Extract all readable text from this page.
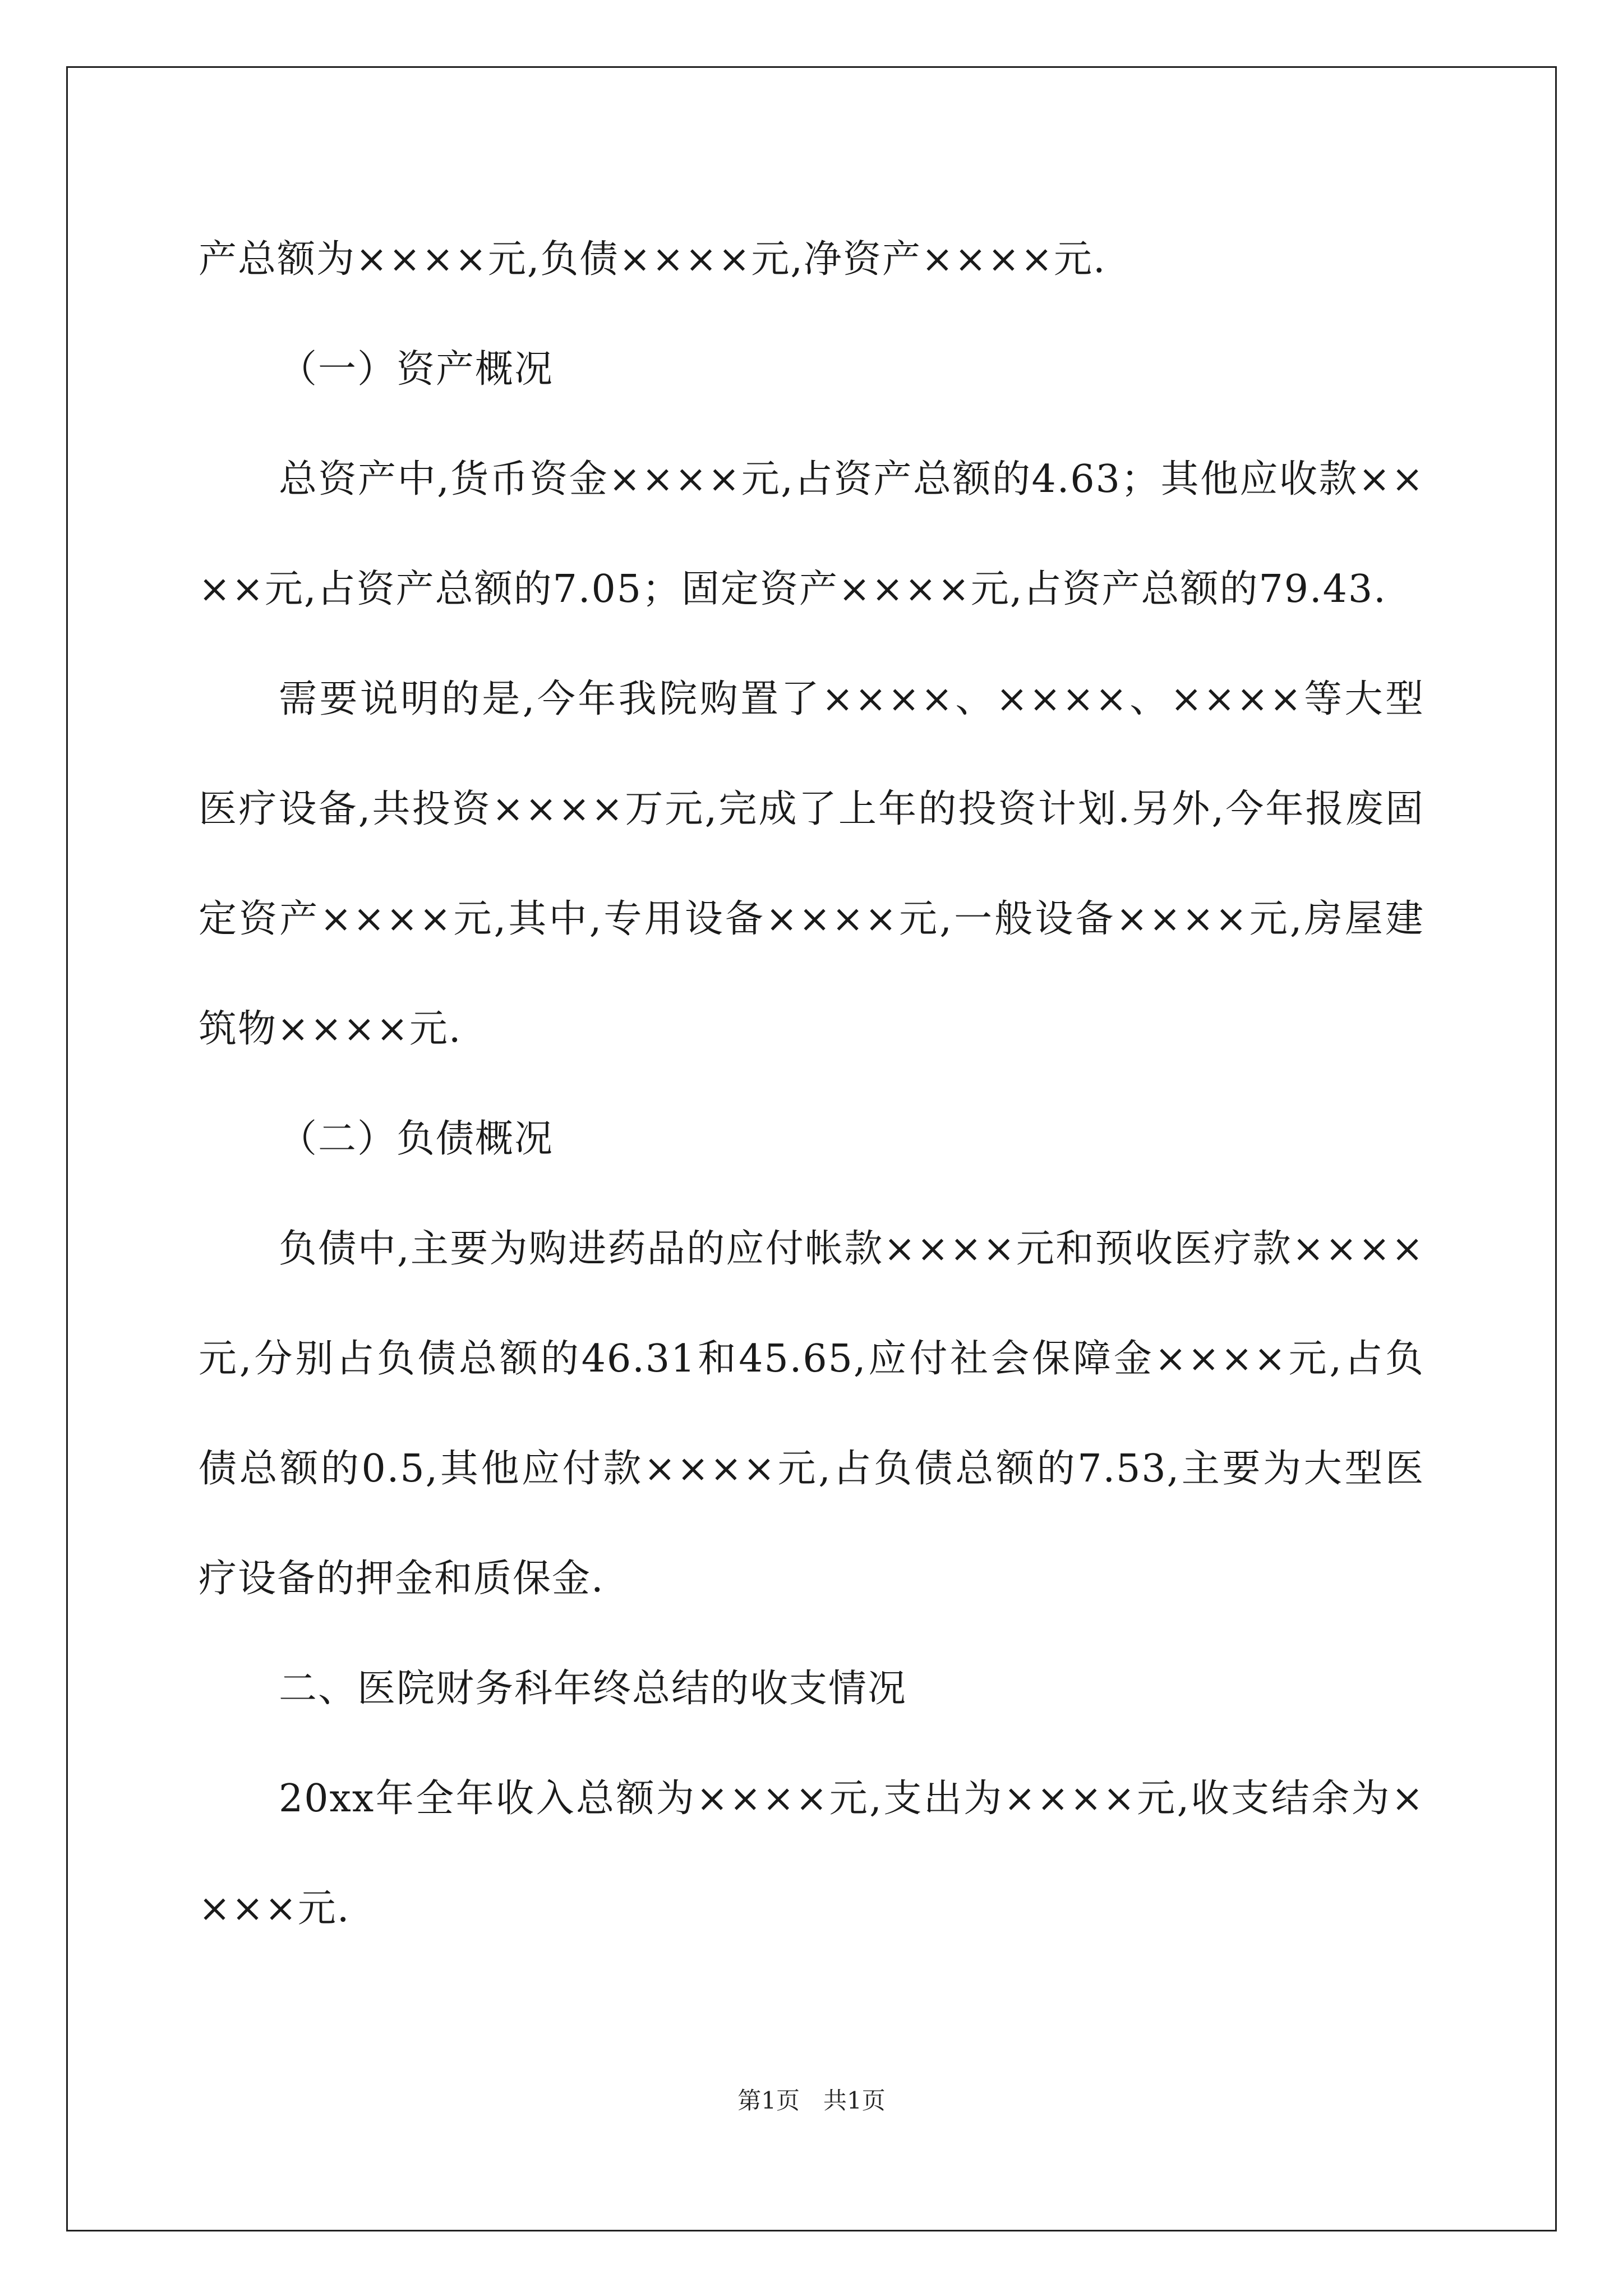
产总额为××××元,负债××××元,净资产××××元.

（一）资产概况

总资产中,货币资金××××元,占资产总额的4.63；其他应收款××××元,占资产总额的7.05；固定资产××××元,占资产总额的79.43.

需要说明的是,今年我院购置了××××、××××、××××等大型医疗设备,共投资××××万元,完成了上年的投资计划.另外,今年报废固定资产××××元,其中,专用设备××××元,一般设备××××元,房屋建筑物××××元.

（二）负债概况

负债中,主要为购进药品的应付帐款××××元和预收医疗款××××元,分别占负债总额的46.31和45.65,应付社会保障金××××元,占负债总额的0.5,其他应付款××××元,占负债总额的7.53,主要为大型医疗设备的押金和质保金.

二、医院财务科年终总结的收支情况

20xx年全年收入总额为××××元,支出为××××元,收支结余为××××元.

第1页 共1页
